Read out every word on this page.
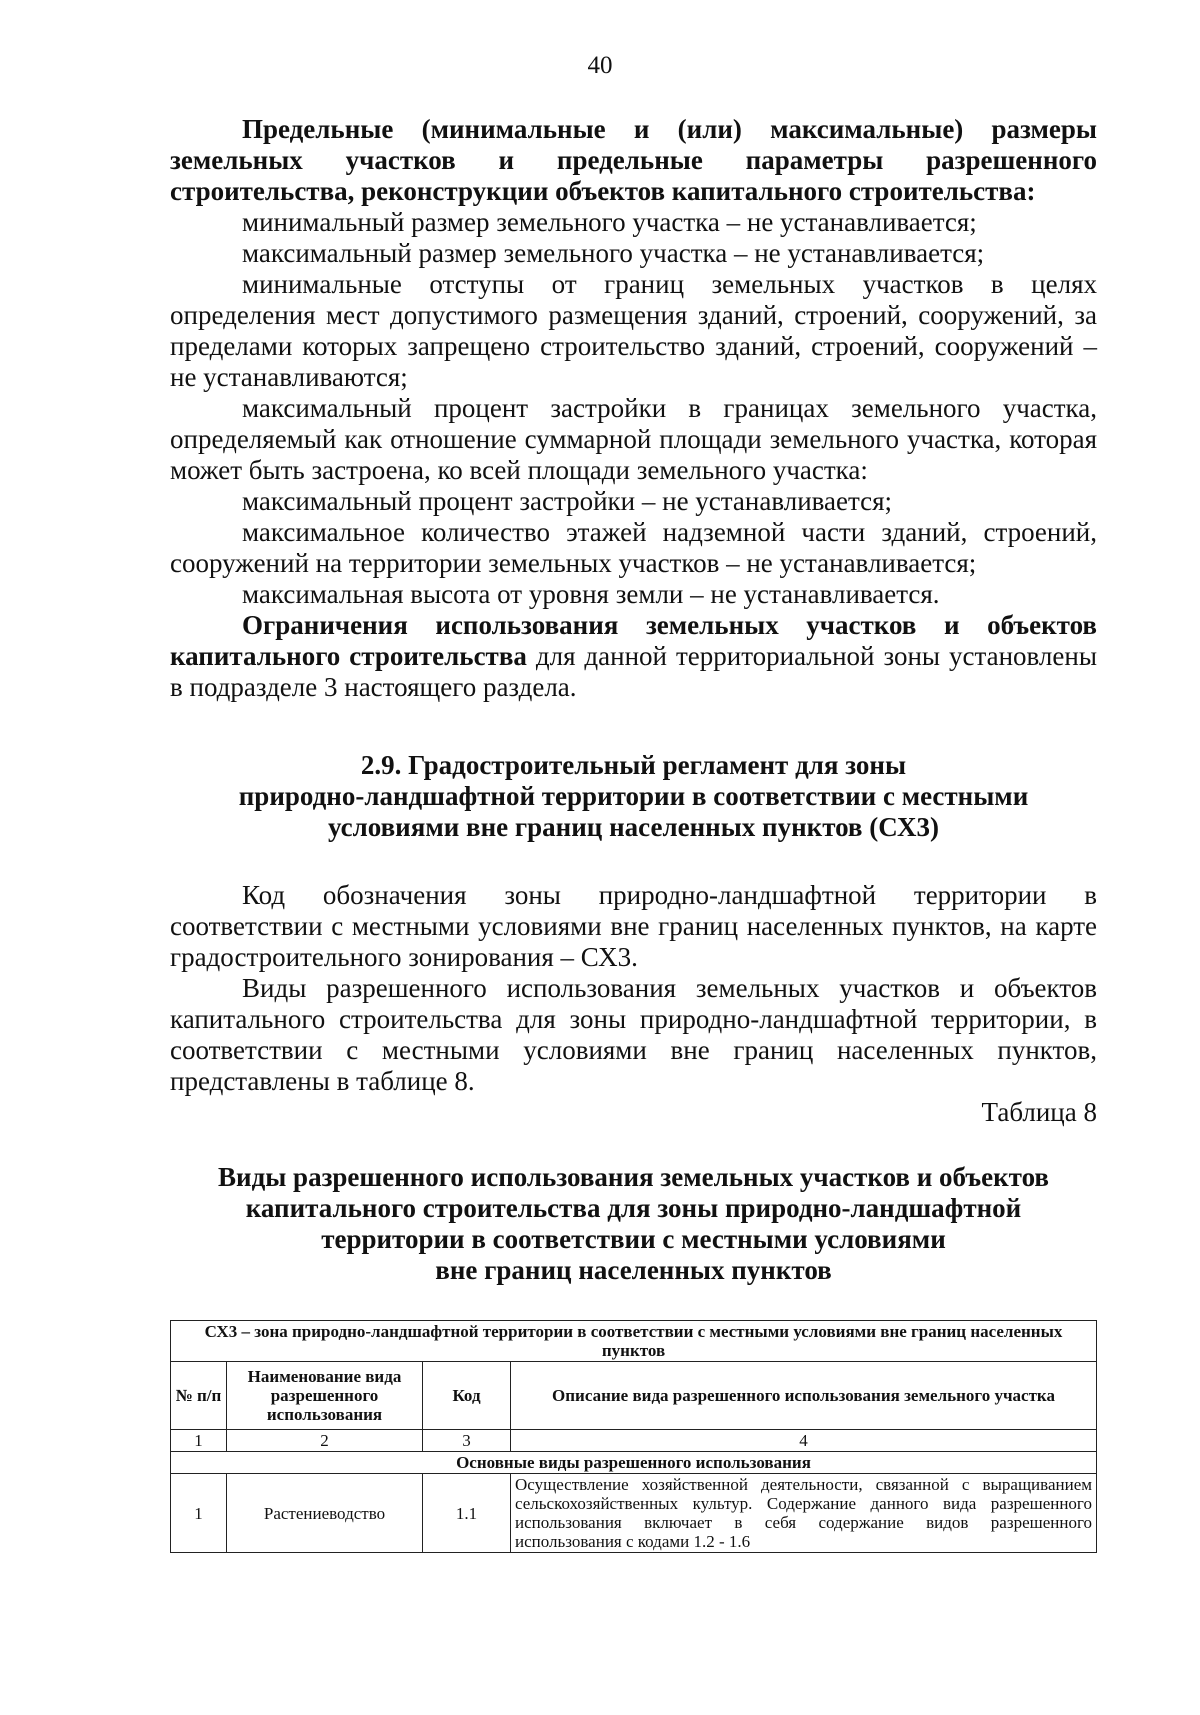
40

Предельные (минимальные и (или) максимальные) размеры земельных участков и предельные параметры разрешенного строительства, реконструкции объектов капитального строительства:

минимальный размер земельного участка – не устанавливается;

максимальный размер земельного участка – не устанавливается;

минимальные отступы от границ земельных участков в целях определения мест допустимого размещения зданий, строений, сооружений, за пределами которых запрещено строительство зданий, строений, сооружений – не устанавливаются;

максимальный процент застройки в границах земельного участка, определяемый как отношение суммарной площади земельного участка, которая может быть застроена, ко всей площади земельного участка:

максимальный процент застройки – не устанавливается;

максимальное количество этажей надземной части зданий, строений, сооружений на территории земельных участков – не устанавливается;

максимальная высота от уровня земли – не устанавливается.

Ограничения использования земельных участков и объектов капитального строительства для данной территориальной зоны установлены в подразделе 3 настоящего раздела.

2.9. Градостроительный регламент для зоны
природно-ландшафтной территории в соответствии с местными
условиями вне границ населенных пунктов (СХ3)

Код обозначения зоны природно-ландшафтной территории в соответствии с местными условиями вне границ населенных пунктов, на карте градостроительного зонирования – СХ3.

Виды разрешенного использования земельных участков и объектов капитального строительства для зоны природно-ландшафтной территории, в соответствии с местными условиями вне границ населенных пунктов, представлены в таблице 8.

Таблица 8

Виды разрешенного использования земельных участков и объектов
капитального строительства для зоны природно-ландшафтной
территории в соответствии с местными условиями
вне границ населенных пунктов
СХ3 – зона природно-ландшафтной территории в соответствии с местными условиями вне границ населенных пунктов			
№ п/п	Наименование вида разрешенного использования	Код	Описание вида разрешенного использования земельного участка
1	2	3	4
Основные виды разрешенного использования			
1	Растениеводство	1.1	Осуществление хозяйственной деятельности, связанной с выращиванием сельскохозяйственных культур. Содержание данного вида разрешенного использования включает в себя содержание видов разрешенного использования с кодами 1.2 - 1.6
